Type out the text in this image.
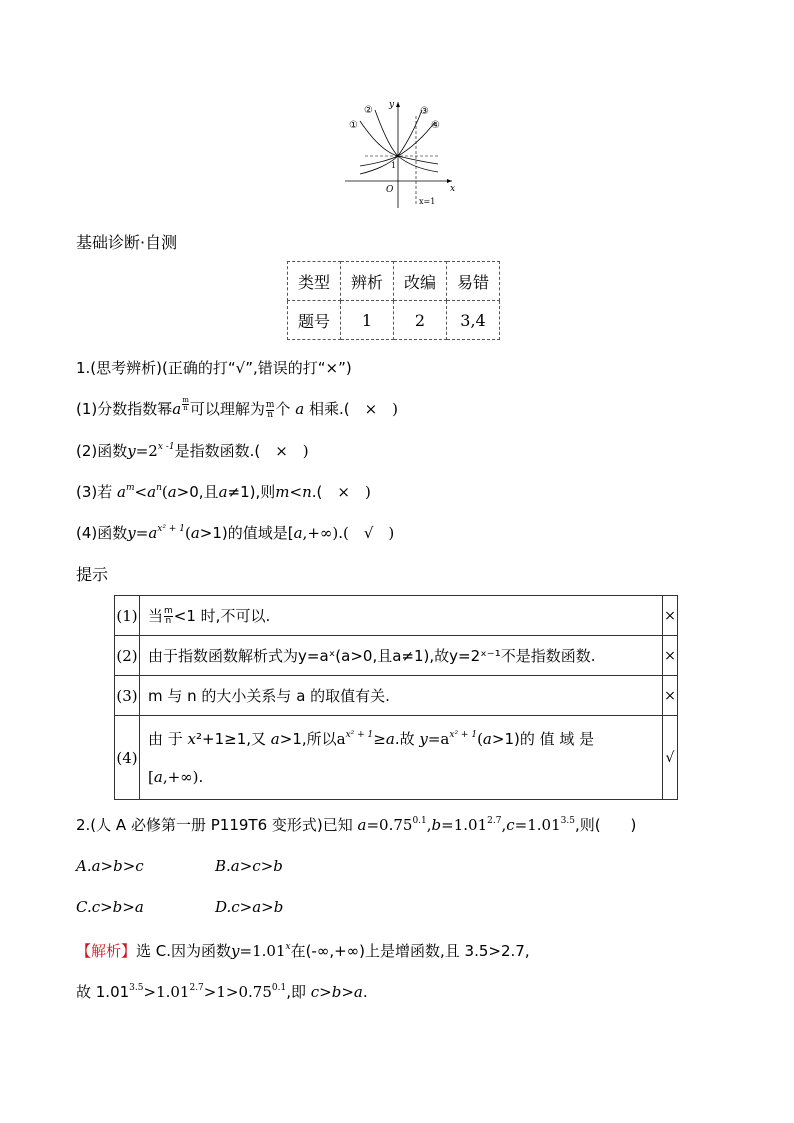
①
②	③
④
y
x
O
1
x=1
基础诊断·自测
类型	辨析	改编	易错
题号	1	2	3,4
1.(思考辨析)(正确的打“√”,错误的打“×”)
(1)分数指数幂a $^{\frac{m}{n}}$ 可以理解为 $\frac{m}{n}$ 个 a 相乘.(　×　)
(2)函数$y=2^{x -1}$是指数函数.(　×　)
(3)若 $a^m<a^n(a>0$,且a≠1),则m<n.(　×　)
(4)函数$y=a^{x^2 + 1}(a>1)$的值域是[a,+∞).(　√　)
提示
(1)	当 $\frac{m}{n} <1$ 时,不可以.	×
(2)	由于指数函数解析式为y=aˣ(a>0,且a≠1),故y=2ˣ⁻¹不是指数函数.	×
(3)	m 与 n 的大小关系与 a 的取值有关.	×
(4)	由 于 x²+1≥1,又 a>1,所以$a^{x^2 + 1}\ge a$.故 $y=a^{x^2 + 1}(a>1)$的 值 域 是
[a,+∞).	√
2.(人 A 必修第一册 P119T6 变形式)已知 $a=0.75^{0.1},b=1.01^{2.7},c=1.01^{3.5}$,则(　　)
A.a>b>c	B.a>c>b
C.c>b>a	D.c>a>b
【解析】选 C.因为函数$y=1.01^x$在(-∞,+∞)上是增函数,且 3.5>2.7,
故 $1.01^{3.5}>1.01^{2.7}>1>0.75^{0.1}$,即 c>b>a.
